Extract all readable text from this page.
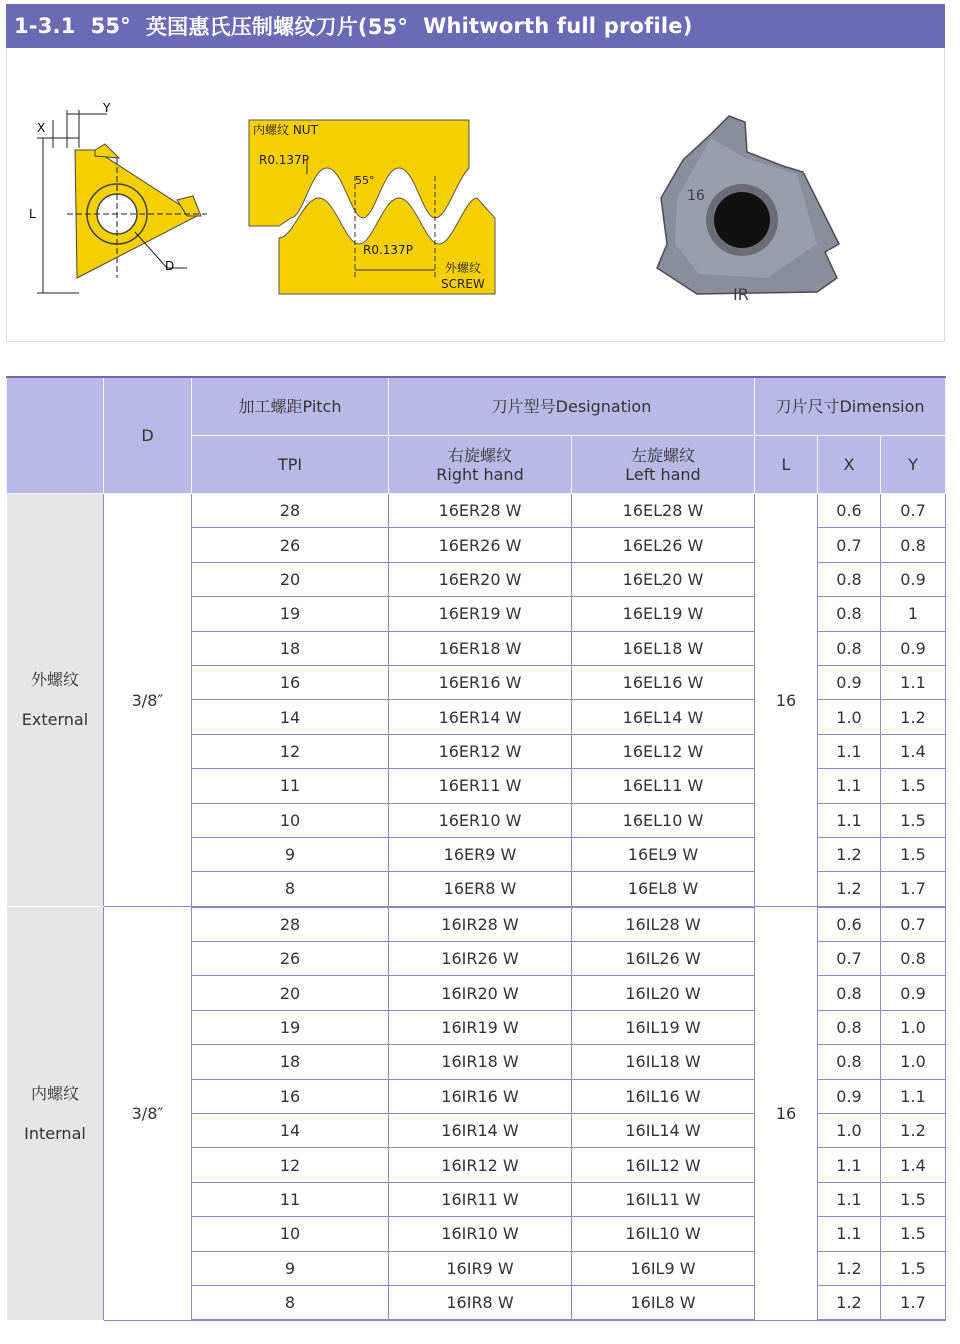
1-3.1
55°
英国惠氏压制螺纹刀片(55°
Whitworth full profile)
Y
X
L
D
内螺纹 NUT
R0.137P
55°
R0.137P
外螺纹
SCREW
16
IR
	D	加工螺距Pitch	刀片型号Designation		刀片尺寸Dimension		
		TPI	右旋螺纹
Right hand	左旋螺纹
Left hand	L	X	Y

外螺纹
External	3/8″	28	16ER28 W	16EL28 W	16	0.6	0.7
		26	16ER26 W	16EL26 W		0.7	0.8
		20	16ER20 W	16EL20 W		0.8	0.9
		19	16ER19 W	16EL19 W		0.8	1
		18	16ER18 W	16EL18 W		0.8	0.9
		16	16ER16 W	16EL16 W		0.9	1.1
		14	16ER14 W	16EL14 W		1.0	1.2
		12	16ER12 W	16EL12 W		1.1	1.4
		11	16ER11 W	16EL11 W		1.1	1.5
		10	16ER10 W	16EL10 W		1.1	1.5
		9	16ER9 W	16EL9 W		1.2	1.5
		8	16ER8 W	16EL8 W		1.2	1.7

内螺纹
Internal	3/8″	28	16IR28 W	16IL28 W	16	0.6	0.7
		26	16IR26 W	16IL26 W		0.7	0.8
		20	16IR20 W	16IL20 W		0.8	0.9
		19	16IR19 W	16IL19 W		0.8	1.0
		18	16IR18 W	16IL18 W		0.8	1.0
		16	16IR16 W	16IL16 W		0.9	1.1
		14	16IR14 W	16IL14 W		1.0	1.2
		12	16IR12 W	16IL12 W		1.1	1.4
		11	16IR11 W	16IL11 W		1.1	1.5
		10	16IR10 W	16IL10 W		1.1	1.5
		9	16IR9 W	16IL9 W		1.2	1.5
		8	16IR8 W	16IL8 W		1.2	1.7
